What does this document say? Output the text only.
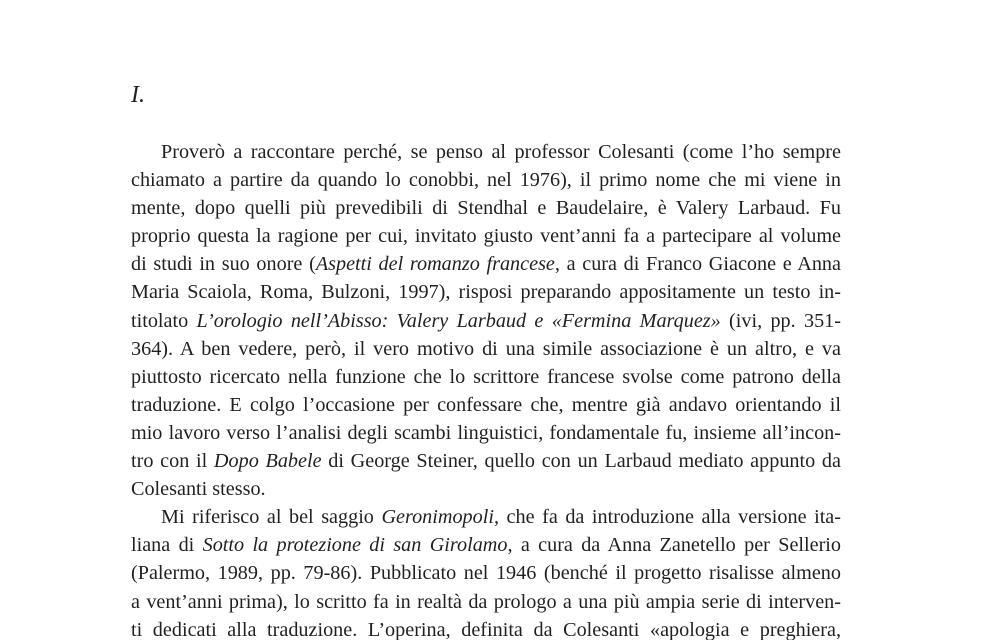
I.
Proverò a raccontare perché, se penso al professor Colesanti (come l’ho sempre
chiamato a partire da quando lo conobbi, nel 1976), il primo nome che mi viene in
mente, dopo quelli più prevedibili di Stendhal e Baudelaire, è Valery Larbaud. Fu
proprio questa la ragione per cui, invitato giusto vent’anni fa a partecipare al volume
di studi in suo onore (Aspetti del romanzo francese, a cura di Franco Giacone e Anna
Maria Scaiola, Roma, Bulzoni, 1997), risposi preparando appositamente un testo in-
titolato L’orologio nell’Abisso: Valery Larbaud e «Fermina Marquez» (ivi, pp. 351-
364). A ben vedere, però, il vero motivo di una simile associazione è un altro, e va
piuttosto ricercato nella funzione che lo scrittore francese svolse come patrono della
traduzione. E colgo l’occasione per confessare che, mentre già andavo orientando il
mio lavoro verso l’analisi degli scambi linguistici, fondamentale fu, insieme all’incon-
tro con il Dopo Babele di George Steiner, quello con un Larbaud mediato appunto da
Colesanti stesso.
Mi riferisco al bel saggio Geronimopoli, che fa da introduzione alla versione ita-
liana di Sotto la protezione di san Girolamo, a cura da Anna Zanetello per Sellerio
(Palermo, 1989, pp. 79-86). Pubblicato nel 1946 (benché il progetto risalisse almeno
a vent’anni prima), lo scritto fa in realtà da prologo a una più ampia serie di interven-
ti dedicati alla traduzione. L’operina, definita da Colesanti «apologia e preghiera,
